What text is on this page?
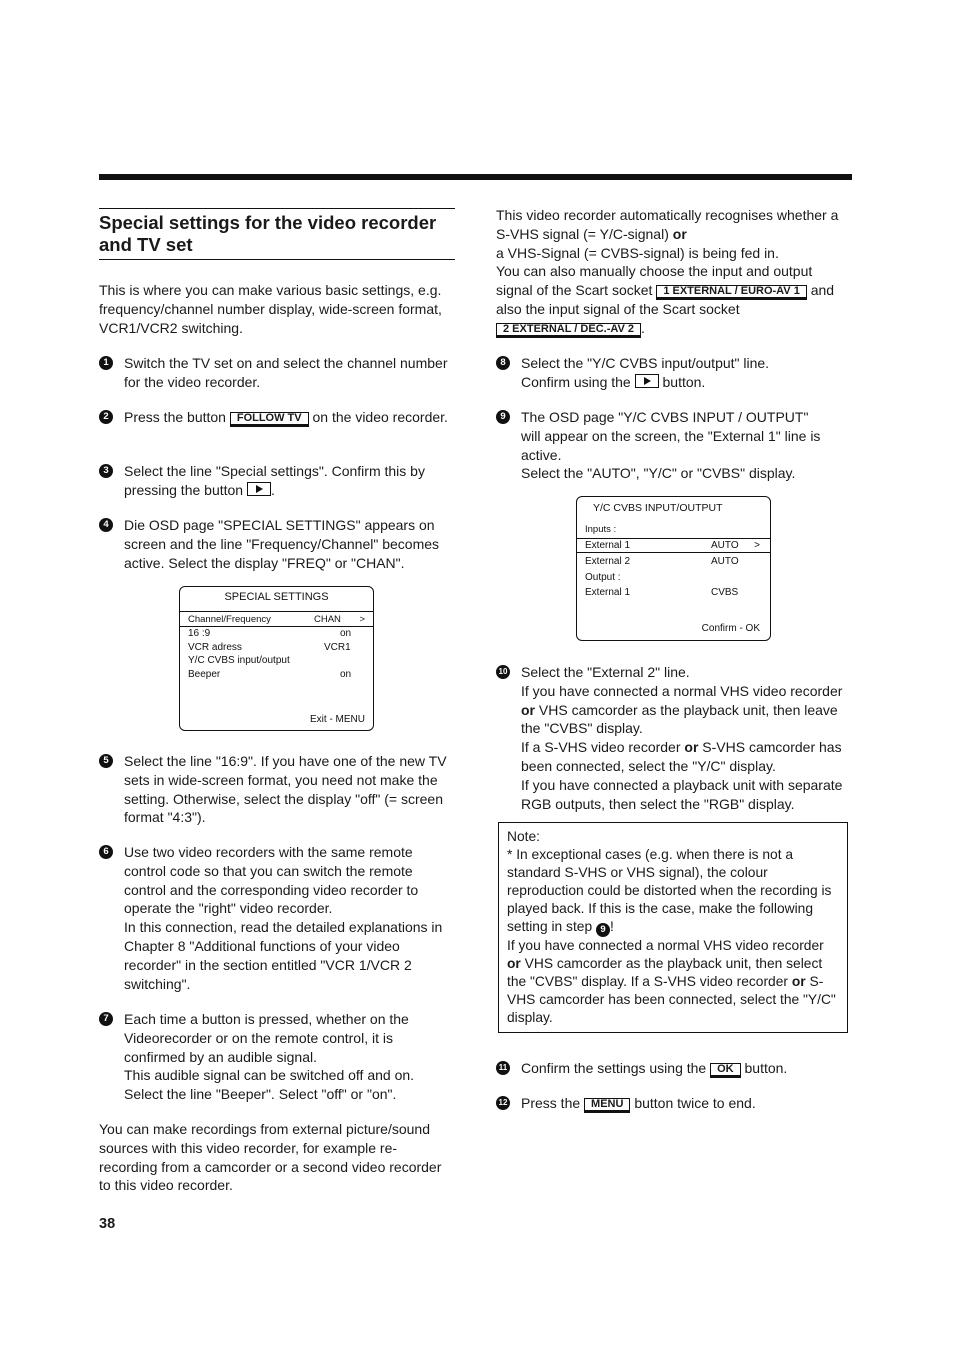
Special settings for the video recorder and TV set
This is where you can make various basic settings, e.g. frequency/channel number display, wide-screen format, VCR1/VCR2 switching.
1	Switch the TV set on and select the channel number for the video recorder.
2	Press the button FOLLOW TV on the video recorder.
3	Select the line "Special settings". Confirm this by pressing the button .
4	Die OSD page "SPECIAL SETTINGS" appears on screen and the line "Frequency/Channel" becomes active. Select the display "FREQ" or "CHAN".
SPECIAL SETTINGS
Channel/Frequency	CHAN >
16 :9	on
VCR adress	VCR1
Y/C CVBS input/output
Beeper	on
Exit - MENU
5	Select the line "16:9". If you have one of the new TV sets in wide-screen format, you need not make the setting. Otherwise, select the display "off" (= screen format "4:3").
6	Use two video recorders with the same remote control code so that you can switch the remote control and the corresponding video recorder to operate the "right" video recorder.
In this connection, read the detailed explanations in Chapter 8 "Additional functions of your video recorder" in the section entitled "VCR 1/VCR 2 switching".
7	Each time a button is pressed, whether on the Videorecorder or on the remote control, it is confirmed by an audible signal.
This audible signal can be switched off and on. Select the line "Beeper". Select "off" or "on".
You can make recordings from external picture/sound sources with this video recorder, for example re-recording from a camcorder or a second video recorder to this video recorder.
This video recorder automatically recognises whether a S-VHS signal (= Y/C-signal) or
a VHS-Signal (= CVBS-signal) is being fed in.
You can also manually choose the input and output signal of the Scart socket 1 EXTERNAL / EURO-AV 1 and also the input signal of the Scart socket
2 EXTERNAL / DEC.-AV 2 .
8	Select the "Y/C CVBS input/output" line.
Confirm using the button.
9	The OSD page "Y/C CVBS INPUT / OUTPUT" will appear on the screen, the "External 1" line is active.
Select the "AUTO", "Y/C" or "CVBS" display.
Y/C CVBS INPUT/OUTPUT
Inputs :
External 1	AUTO >
External 2	AUTO
Output :
External 1	CVBS
Confirm - OK
10 Select the "External 2" line.
If you have connected a normal VHS video recorder or VHS camcorder as the playback unit, then leave the "CVBS" display.
If a S-VHS video recorder or S-VHS camcorder has been connected, select the "Y/C" display.
If you have connected a playback unit with separate RGB outputs, then select the "RGB" display.
Note:
* In exceptional cases (e.g. when there is not a standard S-VHS or VHS signal), the colour reproduction could be distorted when the recording is played back. If this is the case, make the following setting in step 9 !
If you have connected a normal VHS video recorder or VHS camcorder as the playback unit, then select the "CVBS" display. If a S-VHS video recorder or S-VHS camcorder has been connected, select the "Y/C" display.
11 Confirm the settings using the OK button.
12 Press the MENU button twice to end.
38
